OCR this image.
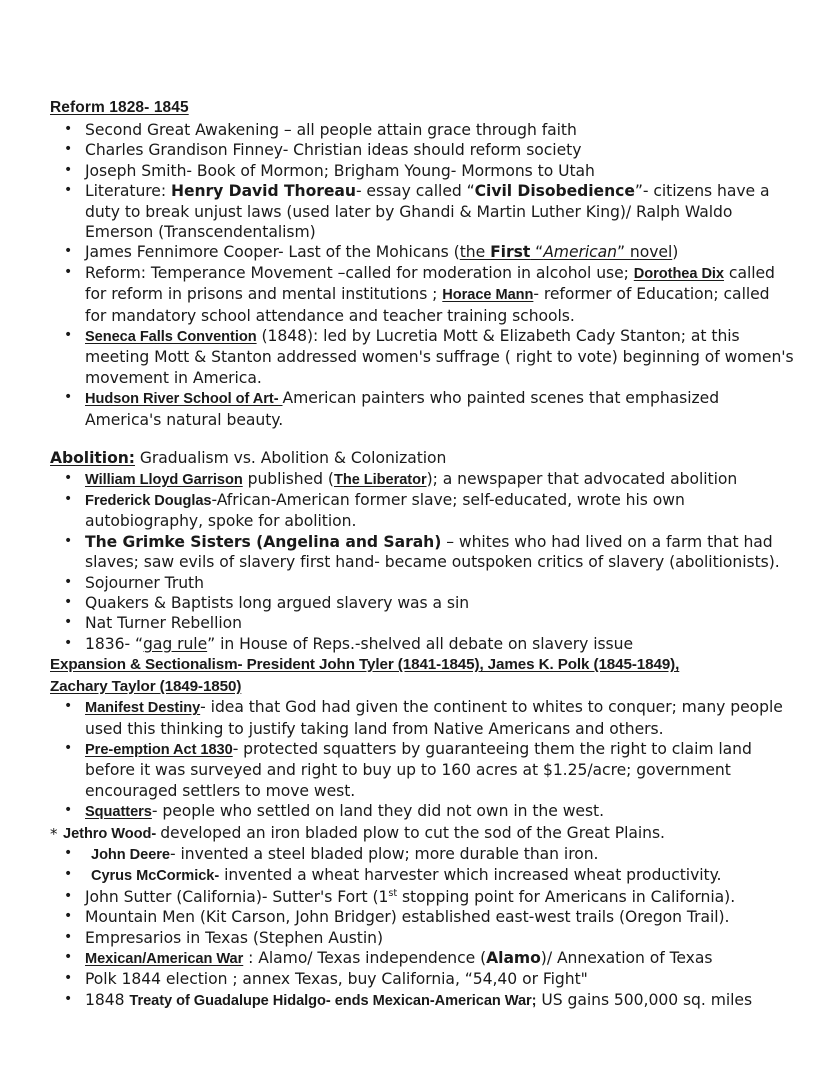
Reform 1828- 1845
• Second Great Awakening – all people attain grace through faith
• Charles Grandison Finney- Christian ideas should reform society
• Joseph Smith- Book of Mormon; Brigham Young- Mormons to Utah
• Literature: Henry David Thoreau- essay called “Civil Disobedience”- citizens have a duty to break unjust laws (used later by Ghandi & Martin Luther King)/ Ralph Waldo Emerson (Transcendentalism)
• James Fennimore Cooper- Last of the Mohicans (the First “American” novel)
• Reform: Temperance Movement –called for moderation in alcohol use; Dorothea Dix called for reform in prisons and mental institutions ; Horace Mann- reformer of Education; called for mandatory school attendance and teacher training schools.
• Seneca Falls Convention (1848): led by Lucretia Mott & Elizabeth Cady Stanton; at this meeting Mott & Stanton addressed women's suffrage ( right to vote) beginning of women's movement in America.
• Hudson River School of Art- American painters who painted scenes that emphasized America's natural beauty.

Abolition: Gradualism vs. Abolition & Colonization

• William Lloyd Garrison published (The Liberator); a newspaper that advocated abolition
• Frederick Douglas-African-American former slave; self-educated, wrote his own autobiography, spoke for abolition.
• The Grimke Sisters (Angelina and Sarah) – whites who had lived on a farm that had slaves; saw evils of slavery first hand- became outspoken critics of slavery (abolitionists).
• Sojourner Truth
• Quakers & Baptists long argued slavery was a sin
• Nat Turner Rebellion
• 1836- “gag rule” in House of Reps.-shelved all debate on slavery issue

Expansion & Sectionalism- President John Tyler (1841-1845), James K. Polk (1845-1849),

Zachary Taylor (1849-1850)

• Manifest Destiny- idea that God had given the continent to whites to conquer; many people used this thinking to justify taking land from Native Americans and others.
• Pre-emption Act 1830- protected squatters by guaranteeing them the right to claim land before it was surveyed and right to buy up to 160 acres at $1.25/acre; government encouraged settlers to move west.
• Squatters- people who settled on land they did not own in the west.
* Jethro Wood- developed an iron bladed plow to cut the sod of the Great Plains.
• John Deere- invented a steel bladed plow; more durable than iron.
• Cyrus McCormick- invented a wheat harvester which increased wheat productivity.
• John Sutter (California)- Sutter's Fort (1st stopping point for Americans in California).
• Mountain Men (Kit Carson, John Bridger) established east-west trails (Oregon Trail).
• Empresarios in Texas (Stephen Austin)
• Mexican/American War : Alamo/ Texas independence (Alamo)/ Annexation of Texas
• Polk 1844 election ; annex Texas, buy California, “54,40 or Fight"
• 1848 Treaty of Guadalupe Hidalgo- ends Mexican-American War; US gains 500,000 sq. miles
